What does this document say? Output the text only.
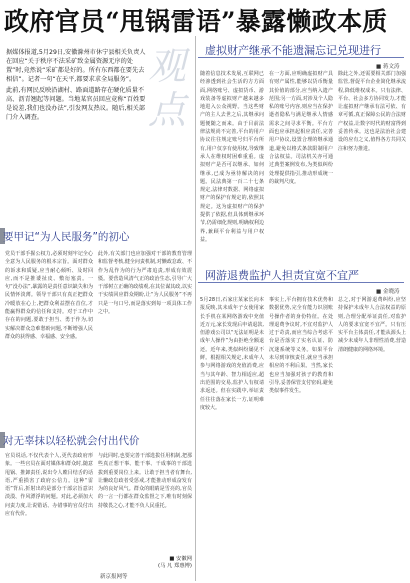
政府官员“甩锅雷语”暴露懒政本质
观点

据媒体报道,5月29日,安徽滁州市休宁县相关负责人在回应“关于秩序不法采矿致金属资源无序的处置”时,竟然说“采矿都是好的。所有东西都在要先去相信”。记者一句“在天平,都要求求全局服务”。

此前,有网民反映沿湖村、路面道路存在硬化质量不高、沥青翘起等问题。当地某官员回应竟称“百姓要是说差,我们也没办法”,引发网友热议。随后,相关部门介入调查。

虚拟财产继承不能遗漏忘记兑现进行
■ 蒋文涛
随着信息技术发展,互联网已经渗透到社会生活的方方面面,网络账号、虚拟货币、游戏装备等虚拟财产越来越多地进入公众视野。当这些财产的主人去世之后,其继承问题便随之而来。由于目前法律法规尚不完善,平台的用户协议往往规定账号归平台所有,用户仅享有使用权,导致继承人在维权时困难重重。虚拟财产是否可以继承、如何继承,已成为亟待解决的问题。民法典第一百二十七条规定,法律对数据、网络虚拟财产的保护有规定的,依照其规定。这为虚拟财产的保护提供了依据,但具体到继承环节,仍需细化规则,明确权利边界,兼顾平台利益与用户权益。
在一方面,应明确虚拟财产具有财产属性,能够以货币衡量其价值的部分,应当纳入遗产范围;另一方面,对涉及个人隐私的账号内容,则应当在保护逝者隐私与满足继承人情感需求之间寻求平衡。平台方面也应承担起相应责任,完善用户协议,设置合理的继承通道,避免以格式条款限制用户合法权益。司法机关亦可通过典型案例发布,为类似纠纷处理提供指引,推动形成统一的裁判尺度。
除此之外,还需要相关部门加强监管,督促平台企业简化继承流程,降低维权成本。只有法律、平台、社会多方协同发力,才能让虚拟财产继承有法可依、有章可循,真正保障公民的合法财产权益,让数字时代的财富得到妥善传承。这也是法治社会建设的应有之义,值得各方共同关注和努力推进。
网游退费监护人担责宜宽不宜严
■ 金晓涛
5月28日,石家庄某家长向本报反映,其未成年子女使用家长手机在某网络游戏中充值近万元,家长发现后申请退款,但游戏公司以“无法证明是未成年人操作”为由拒绝全额退还。近年来,类似纠纷屡见不鲜。根据相关规定,未成年人参与网络游戏的充值消费,应当与其年龄、智力相适应,超出范围的交易,监护人有权请求返还。但在实践中,举证责任往往落在家长一方,证明难度较大。
事实上,平台拥有技术优势和数据优势,完全有能力识别账号操作者的身份特征。在处理退费争议时,不宜对监护人过于苛责,而应当综合考虑平台是否落实了实名认证、防沉迷系统等义务。如果平台未尽到审核责任,就应当承担相应的不利后果。当然,家长也应当加强对孩子的教育和引导,妥善保管支付密码,避免类似事件发生。
总之,对于网游退费纠纷,应坚持保护未成年人合法权益的原则,合理分配举证责任,对监护人的要求宜宽不宜严。只有压实平台主体责任,才能从源头上减少未成年人非理性消费,营造清朗健康的网络环境。
要甲记“为人民服务”的初心
党员干部手握公权力,必须时刻牢记全心全意为人民服务的根本宗旨。面对群众的诉求和质疑,应当耐心倾听、及时回应,而不是推诿扯皮、敷衍塞责。一句“没办法”,暴露的是责任意识缺失和为民情怀淡薄。领导干部只有真正把群众冷暖放在心上,把群众利益摆在首位,才能赢得群众的信任和支持。对于工作中存在的问题,要敢于担当、勇于作为,切实解决群众急难愁盼问题,不断增强人民群众的获得感、幸福感、安全感。
此外,有关部门也应加强对干部的教育管理和监督考核,健全问责机制,对懒政怠政、不作为乱作为的行为严肃追责,形成有效震慑。要营造风清气正的政治生态,引导广大干部树立正确的政绩观,在其位谋其政,以实干实绩回应群众期盼,让“为人民服务”不再只是一句口号,而是落实到每一项具体工作之中。
对无辜抹以轻松就会付出代价
官员说话,不仅代表个人,更代表政府形象。一些官员在面对媒体和群众时,随意甩锅、推卸责任,说出令人瞠目结舌的话语,严重损害了政府公信力。这种“雷语”背后,折射出的是部分干部宗旨意识淡漠、作风漂浮的问题。对此,必须加大问责力度,让说错话、办错事的官员付出应有代价。
与此同时,也要完善干部选拔任用机制,把那些真正想干事、能干事、干成事的干部选拔到重要岗位上来。让敢于担当者有舞台,让懒政怠政者受惩戒,才能推动形成奋发有为的良好风气。群众的眼睛是雪亮的,官员的一言一行都在群众监督之下,唯有时刻保持敬畏之心,才能不负人民重托。
■ 安徽网
(马 凡 郑惠博)
新京报网等
